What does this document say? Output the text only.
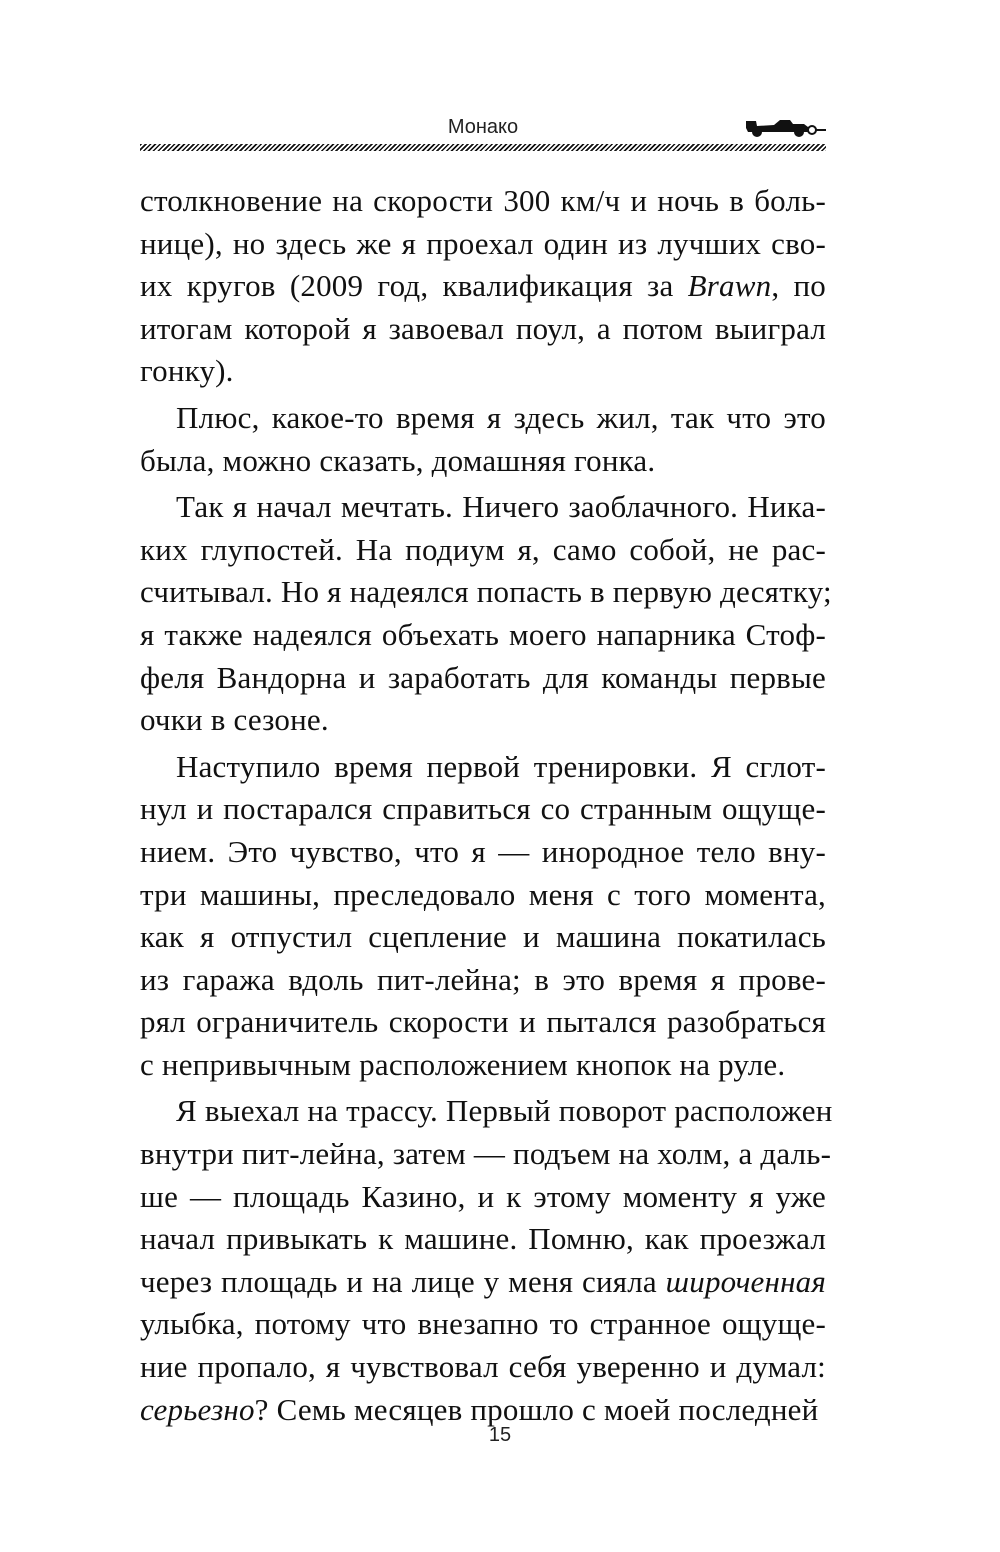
Монако

столкновение на скорости 300 км/ч и ночь в боль-
нице), но здесь же я проехал один из лучших сво-
их кругов (2009 год, квалификация за Brawn, по
итогам которой я завоевал поул, а потом выиграл
гонку).

Плюс, какое-то время я здесь жил, так что это
была, можно сказать, домашняя гонка.

Так я начал мечтать. Ничего заоблачного. Ника-
ких глупостей. На подиум я, само собой, не рас-
считывал. Но я надеялся попасть в первую десятку;
я также надеялся объехать моего напарника Стоф-
феля Вандорна и заработать для команды первые
очки в сезоне.

Наступило время первой тренировки. Я сглот-
нул и постарался справиться со странным ощуще-
нием. Это чувство, что я — инородное тело вну-
три машины, преследовало меня с того момента,
как я отпустил сцепление и машина покатилась
из гаража вдоль пит-лейна; в это время я прове-
рял ограничитель скорости и пытался разобраться
с непривычным расположением кнопок на руле.

Я выехал на трассу. Первый поворот расположен
внутри пит-лейна, затем — подъем на холм, а даль-
ше — площадь Казино, и к этому моменту я уже
начал привыкать к машине. Помню, как проезжал
через площадь и на лице у меня сияла широченная
улыбка, потому что внезапно то странное ощуще-
ние пропало, я чувствовал себя уверенно и думал:
серьезно? Семь месяцев прошло с моей последней

15
